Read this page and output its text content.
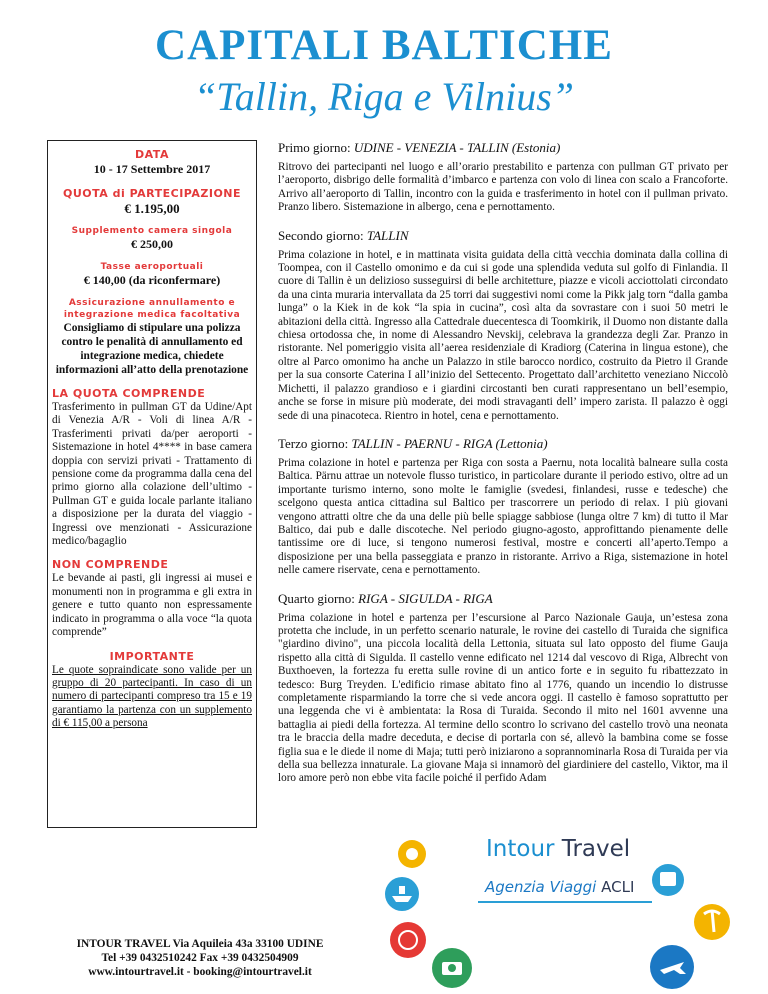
CAPITALI BALTICHE
“Tallin, Riga e Vilnius”
DATA
10 - 17 Settembre 2017
QUOTA di PARTECIPAZIONE
€ 1.195,00
Supplemento camera singola
€ 250,00
Tasse aeroportuali
€ 140,00 (da riconfermare)
Assicurazione annullamento e integrazione medica facoltativa
Consigliamo di stipulare una polizza contro le penalità di annullamento ed integrazione medica, chiedete informazioni all’atto della prenotazione
LA QUOTA COMPRENDE
Trasferimento in pullman GT da Udine/Apt di Venezia A/R - Voli di linea A/R - Trasferimenti privati da/per aeroporti - Sistemazione in hotel 4**** in base camera doppia con servizi privati - Trattamento di pensione come da programma dalla cena del primo giorno alla colazione dell’ultimo - Pullman GT e guida locale parlante italiano a disposizione per la durata del viaggio - Ingressi ove menzionati - Assicurazione medico/bagaglio
NON COMPRENDE
Le bevande ai pasti, gli ingressi ai musei e monumenti non in programma e gli extra in genere e tutto quanto non espressamente indicato in programma o alla voce “la quota comprende”
IMPORTANTE
Le quote sopraindicate sono valide per un gruppo di 20 partecipanti. In caso di un numero di partecipanti compreso tra 15 e 19 garantiamo la partenza con un supplemento di € 115,00 a persona
Primo giorno: UDINE - VENEZIA - TALLIN (Estonia)
Ritrovo dei partecipanti nel luogo e all’orario prestabilito e partenza con pullman GT privato per l’aeroporto, disbrigo delle formalità d’imbarco e partenza con volo di linea con scalo a Francoforte. Arrivo all’aeroporto di Tallin, incontro con la guida e trasferimento in hotel con il pullman privato. Pranzo libero. Sistemazione in albergo, cena e pernottamento.
Secondo giorno: TALLIN
Prima colazione in hotel, e in mattinata visita guidata della città vecchia dominata dalla collina di Toompea, con il Castello omonimo e da cui si gode una splendida veduta sul golfo di Finlandia. Il cuore di Tallin è un delizioso susseguirsi di belle architetture, piazze e vicoli acciottolati circondato da una cinta muraria intervallata da 25 torri dai suggestivi nomi come la Pikk jalg torn “dalla gamba lunga” o la Kiek in de kok “la spia in cucina”, così alta da sovrastare con i suoi 50 metri le abitazioni della città. Ingresso alla Cattedrale duecentesca di Toomkirik, il Duomo non distante dalla chiesa ortodossa che, in nome di Alessandro Nevskij, celebrava la grandezza degli Zar. Pranzo in ristorante. Nel pomeriggio visita all’aerea residenziale di Kradiorg (Caterina in lingua estone), che oltre al Parco omonimo ha anche un Palazzo in stile barocco nordico, costruito da Pietro il Grande per la sua consorte Caterina I all’inizio del Settecento. Progettato dall’architetto veneziano Niccolò Michetti, il palazzo grandioso e i giardini circostanti ben curati rappresentano un bell’esempio, anche se forse in misure più moderate, dei modi stravaganti dell’ impero zarista. Il palazzo è oggi sede di una pinacoteca. Rientro in hotel, cena e pernottamento.
Terzo giorno: TALLIN - PAERNU - RIGA (Lettonia)
Prima colazione in hotel e partenza per Riga con sosta a Paernu, nota località balneare sulla costa Baltica. Pärnu attrae un notevole flusso turistico, in particolare durante il periodo estivo, oltre ad un importante turismo interno, sono molte le famiglie (svedesi, finlandesi, russe e tedesche) che scelgono questa antica cittadina sul Baltico per trascorrere un periodo di relax. I più giovani vengono attratti oltre che da una delle più belle spiagge sabbiose (lunga oltre 7 km) di tutto il Mar Baltico, dai pub e dalle discoteche. Nel periodo giugno-agosto, approfittando pienamente delle tantissime ore di luce, si tengono numerosi festival, mostre e concerti all’aperto.Tempo a disposizione per una bella passeggiata e pranzo in ristorante. Arrivo a Riga, sistemazione in hotel nelle camere riservate, cena e pernottamento.
Quarto giorno: RIGA - SIGULDA - RIGA
Prima colazione in hotel e partenza per l’escursione al Parco Nazionale Gauja, un’estesa zona protetta che include, in un perfetto scenario naturale, le rovine dei castello di Turaida che significa "giardino divino", una piccola località della Lettonia, situata sul lato opposto del fiume Gauja rispetto alla città di Sigulda. Il castello venne edificato nel 1214 dal vescovo di Riga, Albrecht von Buxthoeven, la fortezza fu eretta sulle rovine di un antico forte e in seguito fu ribattezzato in tedesco: Burg Treyden. L'edificio rimase abitato fino al 1776, quando un incendio lo distrusse completamente risparmiando la torre che si vede ancora oggi. Il castello è famoso soprattutto per una leggenda che vi è ambientata: la Rosa di Turaida. Secondo il mito nel 1601 avvenne una battaglia ai piedi della fortezza. Al termine dello scontro lo scrivano del castello trovò una neonata tra le braccia della madre deceduta, e decise di portarla con sé, allevò la bambina come se fosse figlia sua e le diede il nome di Maja; tutti però iniziarono a soprannominarla Rosa di Turaida per via della sua bellezza innaturale. La giovane Maja si innamorò del giardiniere del castello, Viktor, ma il loro amore però non ebbe vita facile poiché il perfido Adam
INTOUR TRAVEL Via Aquileia 43a 33100 UDINE
Tel +39 0432510242 Fax +39 0432504909
www.intourtravel.it - booking@intourtravel.it
Intour Travel
Agenzia Viaggi ACLI
